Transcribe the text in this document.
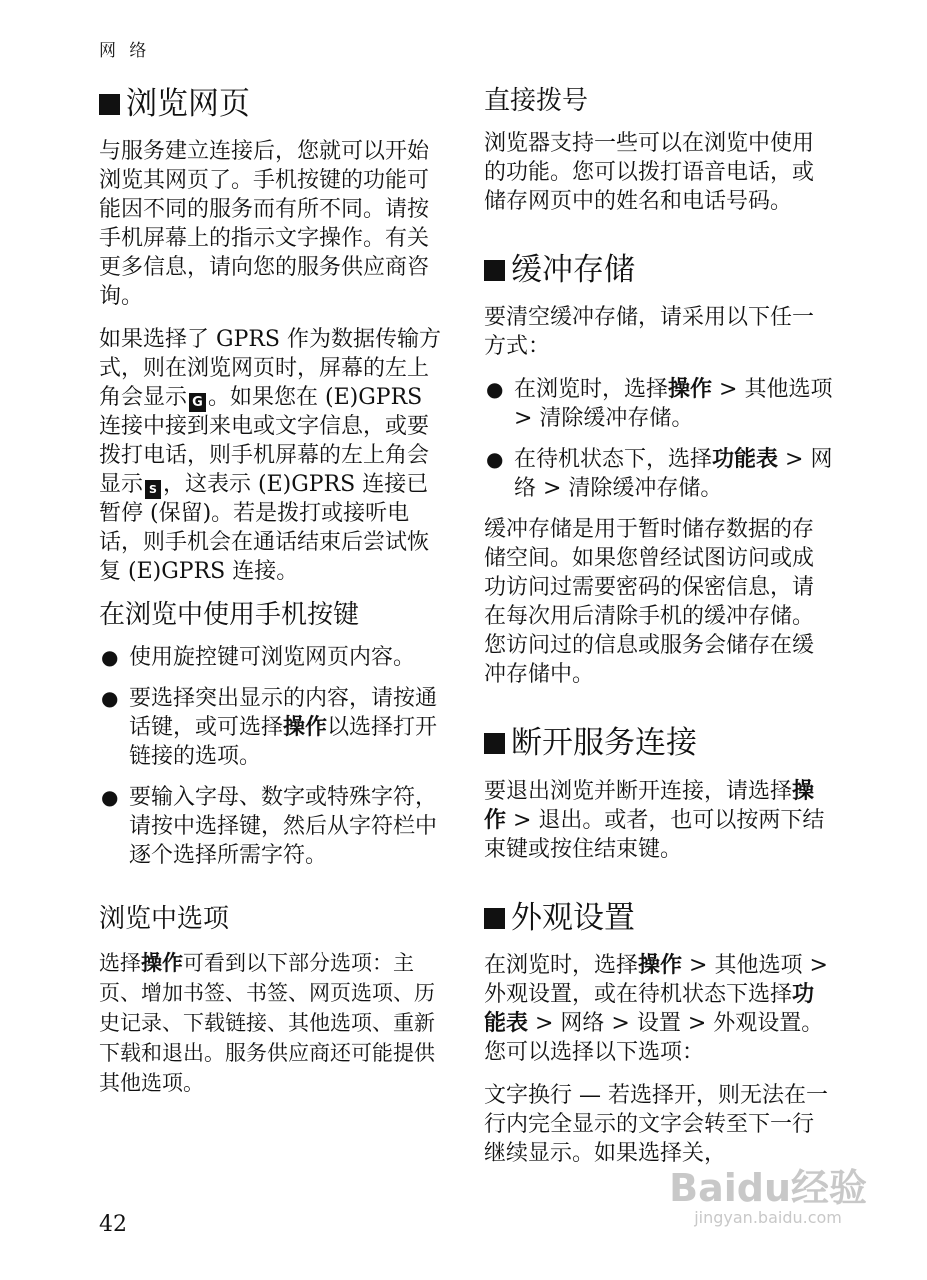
网 络
浏览网页

与服务建立连接后，您就可以开始浏览其网页了。手机按键的功能可能因不同的服务而有所不同。请按手机屏幕上的指示文字操作。有关更多信息，请向您的服务供应商咨询。

如果选择了 GPRS 作为数据传输方式，则在浏览网页时，屏幕的左上角会显示 G 。如果您在 (E)GPRS 连接中接到来电或文字信息，或要拨打电话，则手机屏幕的左上角会显示 S ，这表示 (E)GPRS 连接已暂停 (保留)。若是拨打或接听电话，则手机会在通话结束后尝试恢复 (E)GPRS 连接。

在浏览中使用手机按键
● 使用旋控键可浏览网页内容。
● 要选择突出显示的内容，请按通话键，或可选择操作以选择打开链接的选项。
● 要输入字母、数字或特殊字符，请按中选择键，然后从字符栏中逐个选择所需字符。
浏览中选项

选择操作可看到以下部分选项：主页、增加书签、书签、网页选项、历史记录、下载链接、其他选项、重新下载和退出。服务供应商还可能提供其他选项。

直接拨号

浏览器支持一些可以在浏览中使用的功能。您可以拨打语音电话，或储存网页中的姓名和电话号码。

缓冲存储

要清空缓冲存储，请采用以下任一方式：

● 在浏览时，选择操作 > 其他选项 > 清除缓冲存储。
● 在待机状态下，选择功能表 > 网络 > 清除缓冲存储。

缓冲存储是用于暂时储存数据的存储空间。如果您曾经试图访问或成功访问过需要密码的保密信息，请在每次用后清除手机的缓冲存储。您访问过的信息或服务会储存在缓冲存储中。

断开服务连接

要退出浏览并断开连接，请选择操作 > 退出。或者，也可以按两下结束键或按住结束键。

外观设置

在浏览时，选择操作 > 其他选项 > 外观设置，或在待机状态下选择功能表 > 网络 > 设置 > 外观设置。您可以选择以下选项：

文字换行 — 若选择开，则无法在一行内完全显示的文字会转至下一行继续显示。如果选择关，

42
Baidu经验
jingyan.baidu.com
